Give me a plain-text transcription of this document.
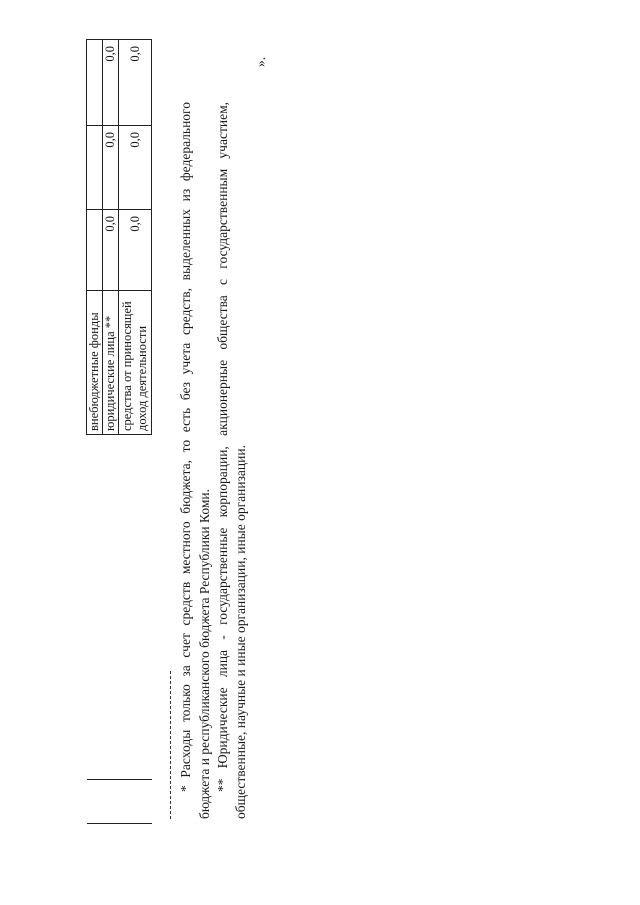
		внебюджетные фонды			
		юридические лица **	0,0	0,0	0,0
		средства от приносящей доход деятельности	0,0	0,0	0,0
* Расходы только за счет средств местного бюджета, то есть без учета средств, выделенных из федерального бюджета и республиканского бюджета Республики Коми. ** Юридические лица - государственные корпорации, акционерные общества с государственным участием, общественные, научные и иные организации, иные организации.
».
